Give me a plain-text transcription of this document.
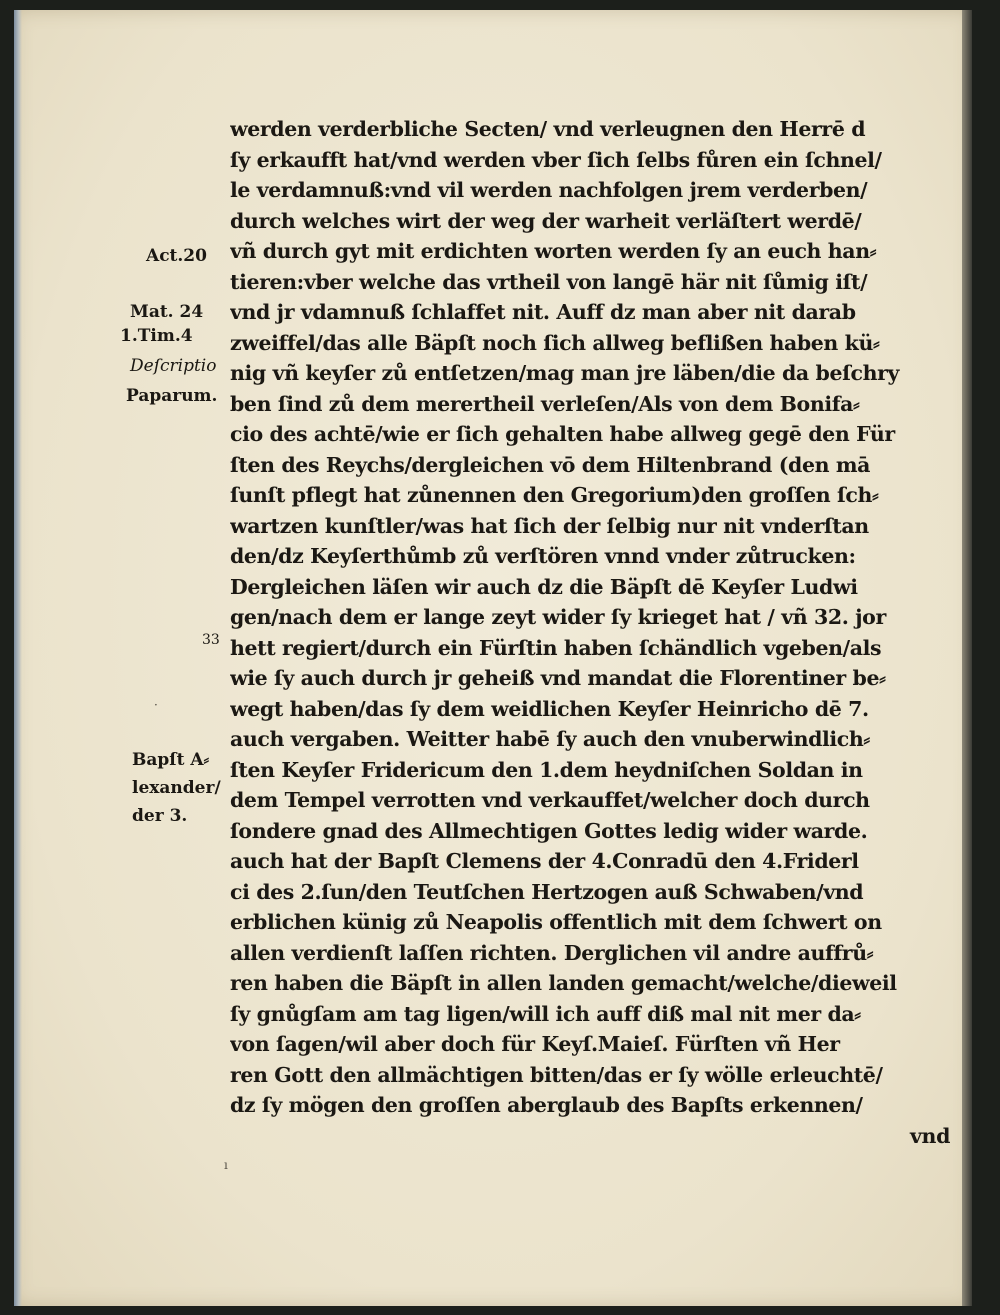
werden verderbliche Secten/ vnd verleugnen den Herrē d
ſy erkaufft hat/vnd werden vber ſich ſelbs fůren ein ſchnel/
le verdamnuß:vnd vil werden nachfolgen jrem verderben/
durch welches wirt der weg der warheit verläſtert werdē/
vñ durch gyt mit erdichten worten werden ſy an euch han⸗
tieren:vber welche das vrtheil von langē här nit ſůmig iſt/
vnd jr vdamnuß ſchlaffet nit. Auff dz man aber nit darab
zweiffel/das alle Bäpſt noch ſich allweg beflißen haben kü⸗
nig vñ keyſer zů entſetzen/mag man jre läben/die da beſchry
ben ſind zů dem merertheil verleſen/Als von dem Bonifa⸗
cio des achtē/wie er ſich gehalten habe allweg gegē den Für
ſten des Reychs/dergleichen vō dem Hiltenbrand (den mā
ſunſt pflegt hat zůnennen den Gregorium)den groſſen ſch⸗
wartzen kunſtler/was hat ſich der ſelbig nur nit vnderſtan
den/dz Keyſerthůmb zů verſtören vnnd vnder zůtrucken:
Dergleichen läſen wir auch dz die Bäpſt dē Keyſer Ludwi
gen/nach dem er lange zeyt wider ſy krieget hat / vñ 32. jor
hett regiert/durch ein Fürſtin haben ſchändlich vgeben/als
wie ſy auch durch jr geheiß vnd mandat die Florentiner be⸗
wegt haben/das ſy dem weidlichen Keyſer Heinricho dē 7.
auch vergaben. Weitter habē ſy auch den vnuberwindlich⸗
ſten Keyſer Fridericum den 1.dem heydniſchen Soldan in
dem Tempel verrotten vnd verkauffet/welcher doch durch
ſondere gnad des Allmechtigen Gottes ledig wider warde.
auch hat der Bapſt Clemens der 4.Conradū den 4.Friderl
ci des 2.ſun/den Teutſchen Hertzogen auß Schwaben/vnd
erblichen künig zů Neapolis offentlich mit dem ſchwert on
allen verdienſt laſſen richten. Derglichen vil andre auffrů⸗
ren haben die Bäpſt in allen landen gemacht/welche/dieweil
ſy gnůgſam am tag ligen/will ich auff diß mal nit mer da⸗
von ſagen/wil aber doch für Keyſ.Maieſ. Fürſten vñ Her
ren Gott den allmächtigen bitten/das er ſy wölle erleuchtē/
dz ſy mögen den groſſen aberglaub des Bapſts erkennen/
vnd
Act.20
Mat. 24
1.Tim.4
Deſcriptio
Paparum.
33
·
Bapſt A⸗
lexander/
der 3.
ı
